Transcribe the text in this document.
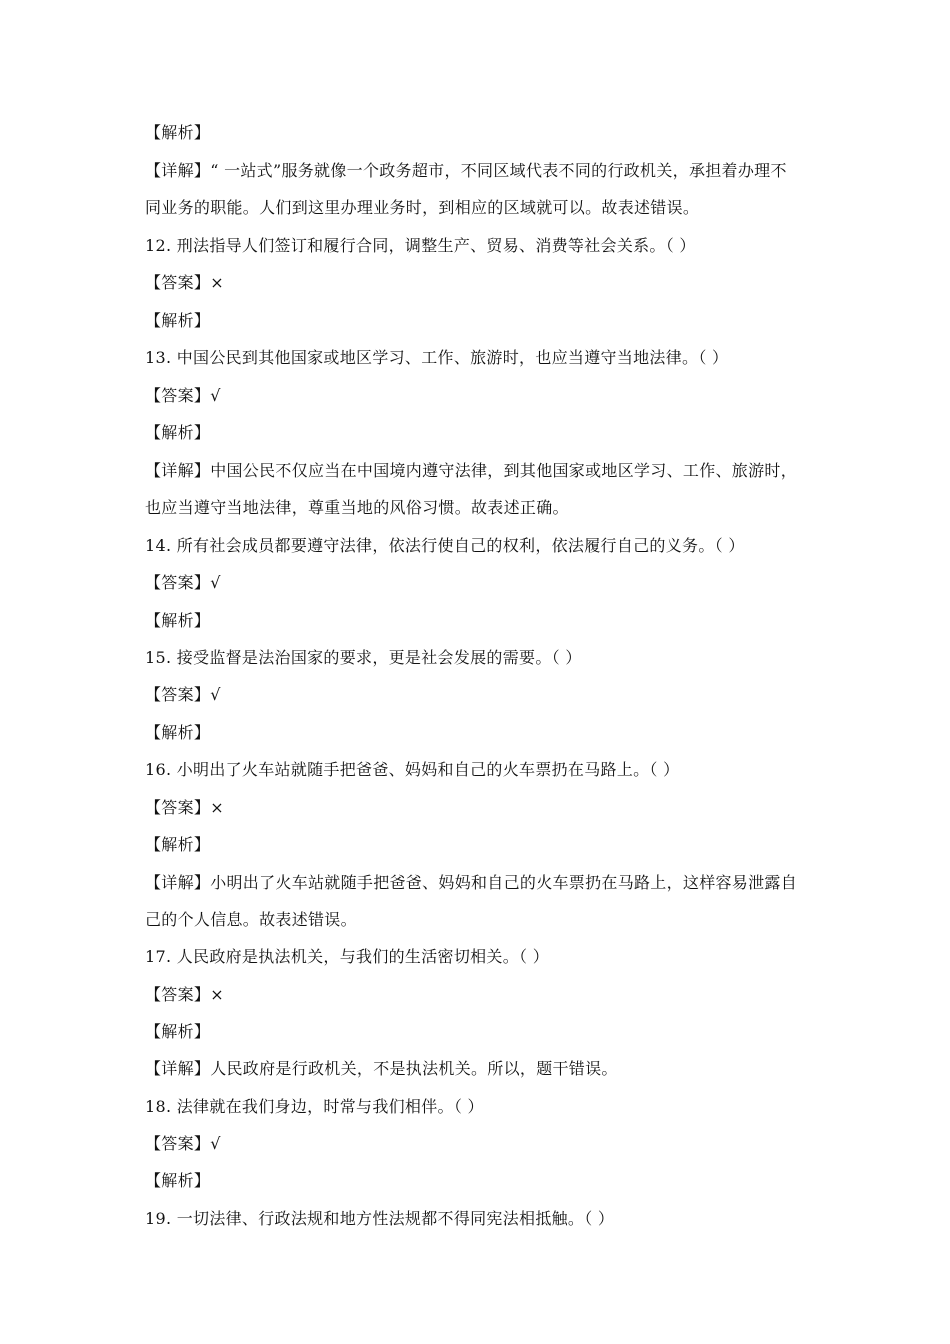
【解析】
【详解】“ 一站式”服务就像一个政务超市，不同区域代表不同的行政机关，承担着办理不
同业务的职能。人们到这里办理业务时，到相应的区域就可以。故表述错误。
12. 刑法指导人们签订和履行合同，调整生产、贸易、消费等社会关系。（ ）
【答案】×
【解析】
13. 中国公民到其他国家或地区学习、工作、旅游时，也应当遵守当地法律。（ ）
【答案】√
【解析】
【详解】中国公民不仅应当在中国境内遵守法律，到其他国家或地区学习、工作、旅游时，
也应当遵守当地法律，尊重当地的风俗习惯。故表述正确。
14. 所有社会成员都要遵守法律，依法行使自己的权利，依法履行自己的义务。（ ）
【答案】√
【解析】
15. 接受监督是法治国家的要求，更是社会发展的需要。（ ）
【答案】√
【解析】
16. 小明出了火车站就随手把爸爸、妈妈和自己的火车票扔在马路上。（ ）
【答案】×
【解析】
【详解】小明出了火车站就随手把爸爸、妈妈和自己的火车票扔在马路上，这样容易泄露自
己的个人信息。故表述错误。
17. 人民政府是执法机关，与我们的生活密切相关。（ ）
【答案】×
【解析】
【详解】人民政府是行政机关，不是执法机关。所以，题干错误。
18. 法律就在我们身边，时常与我们相伴。（ ）
【答案】√
【解析】
19. 一切法律、行政法规和地方性法规都不得同宪法相抵触。（ ）
